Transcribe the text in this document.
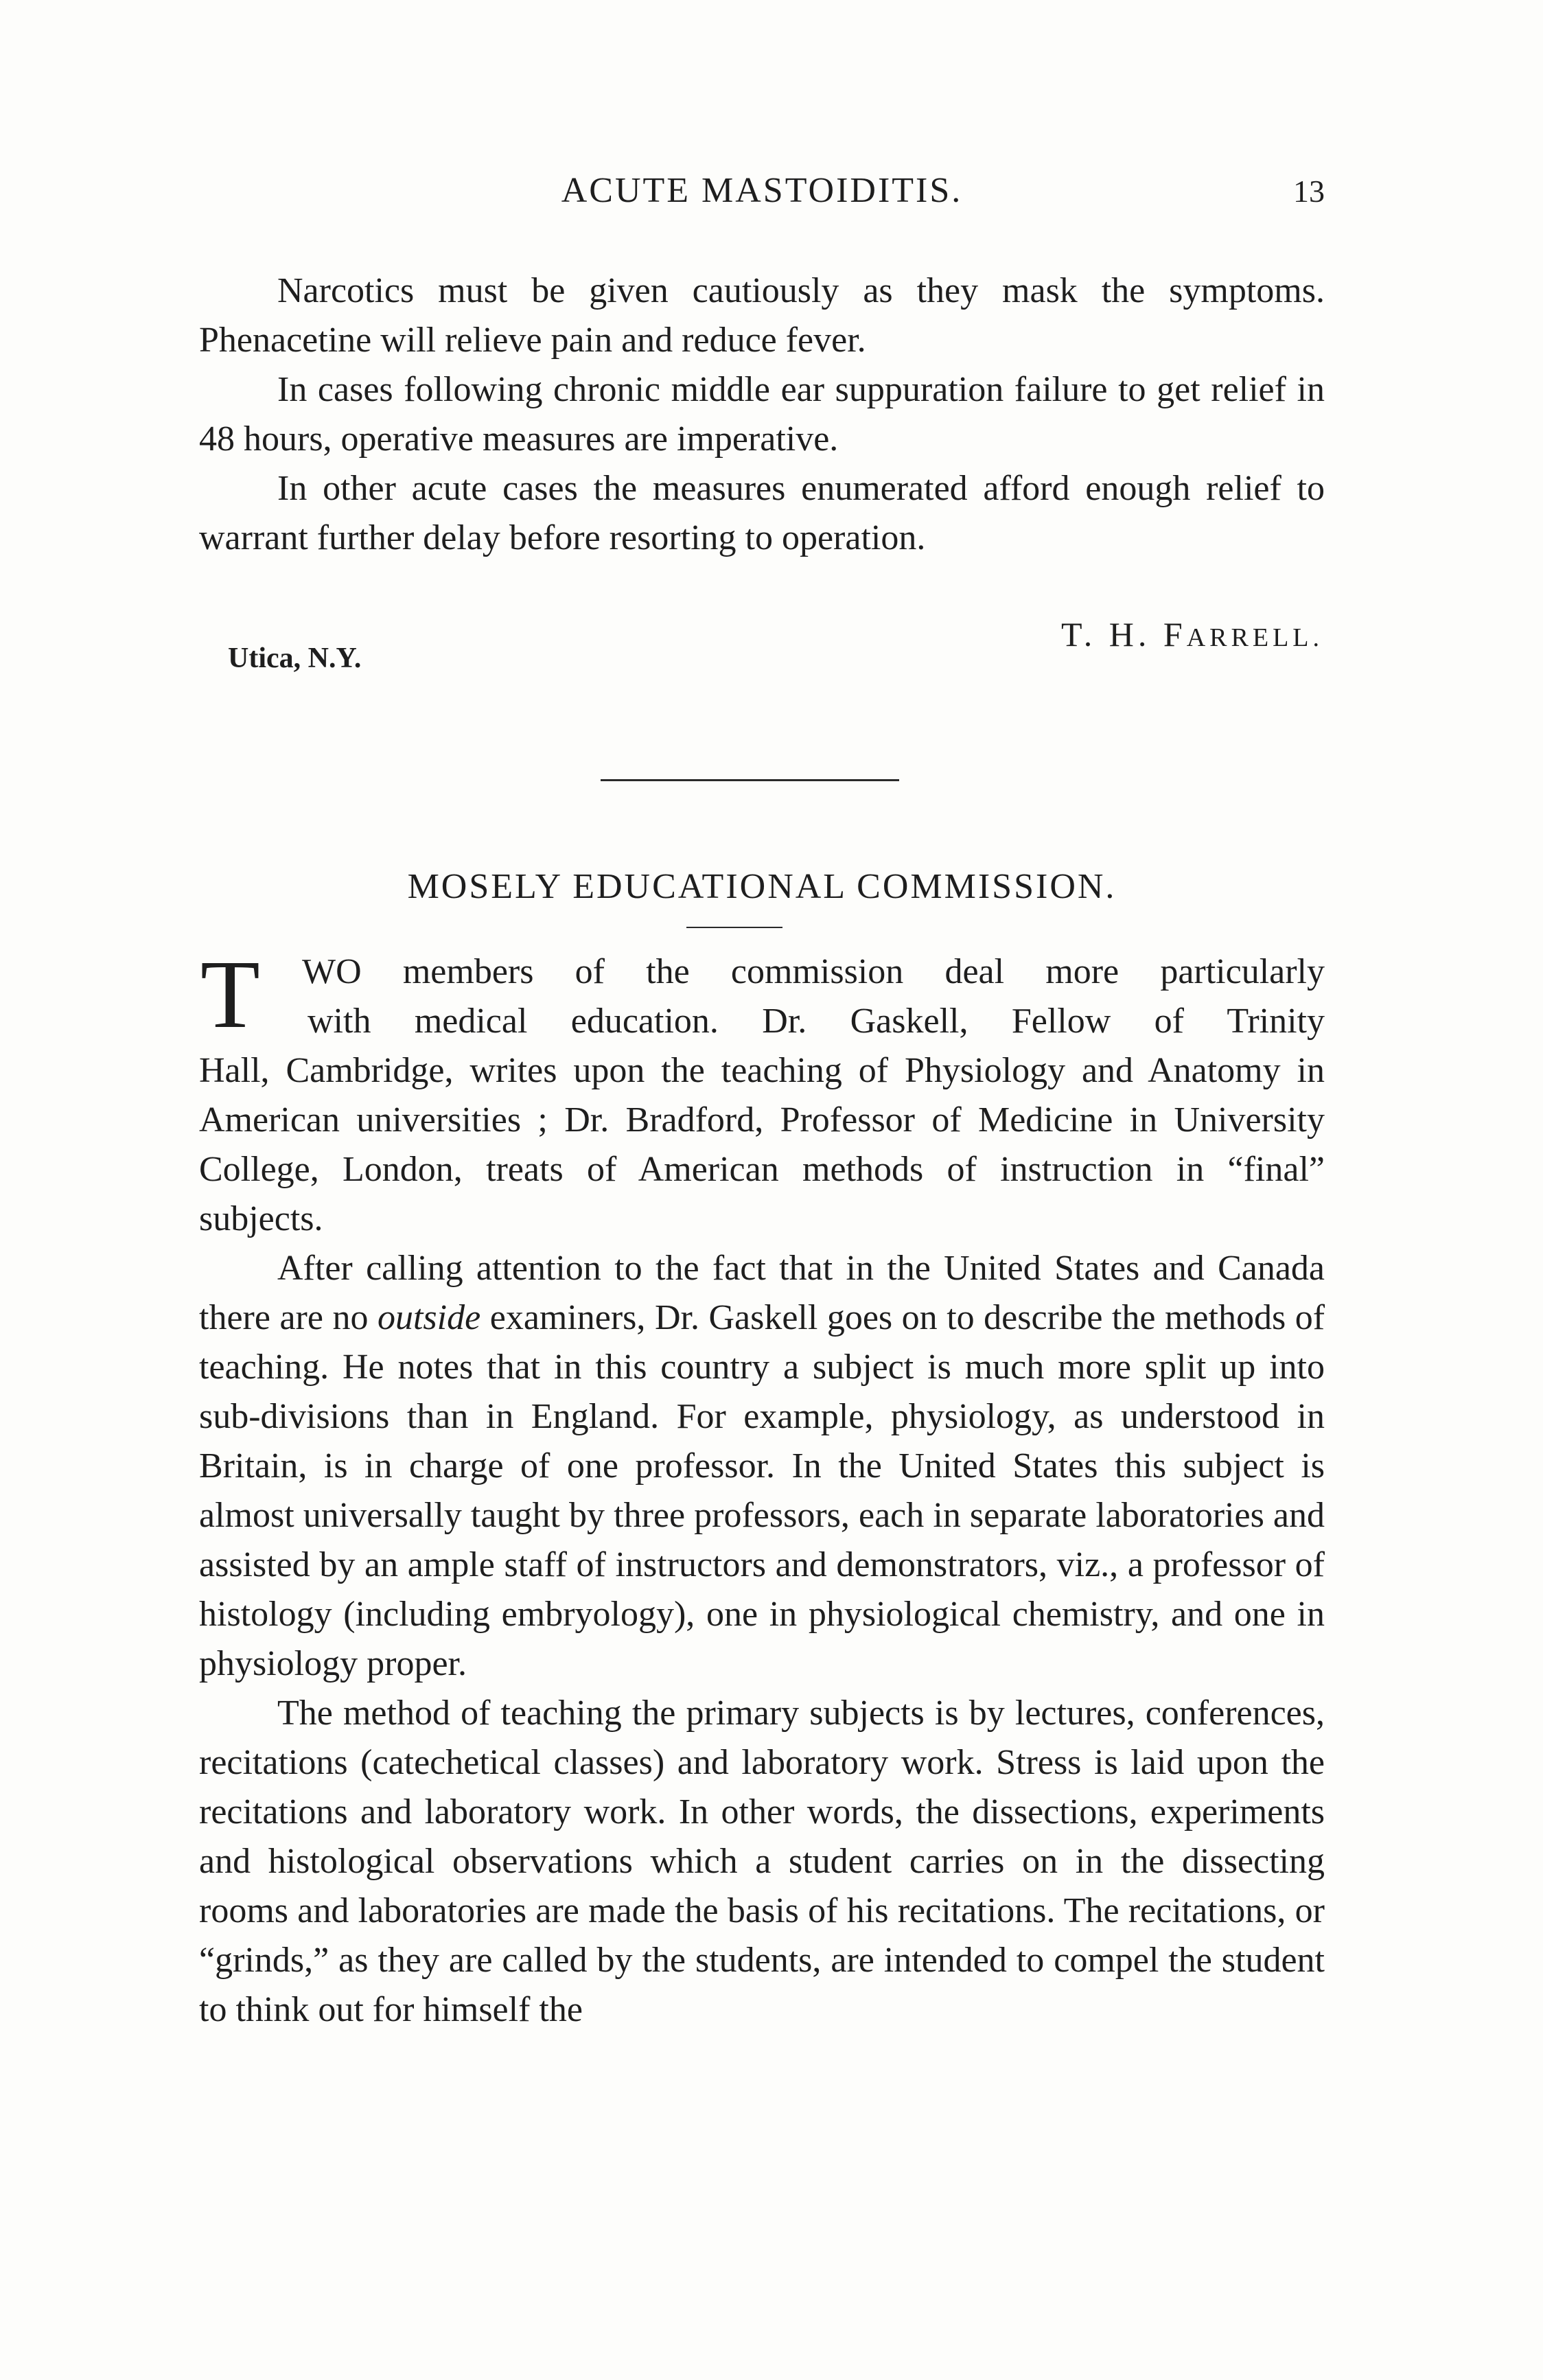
ACUTE MASTOIDITIS.	13

Narcotics must be given cautiously as they mask the symptoms. Phenacetine will relieve pain and reduce fever.

In cases following chronic middle ear suppuration failure to get relief in 48 hours, operative measures are imperative.

In other acute cases the measures enumerated afford enough relief to warrant further delay before resorting to operation.

T. H. FARRELL.
Utica, N.Y.
MOSELY EDUCATIONAL COMMISSION.
T	WO members of the commission deal more particularly

with medical education. Dr. Gaskell, Fellow of Trinity

Hall, Cambridge, writes upon the teaching of Physiology and Anatomy in American universities ; Dr. Bradford, Professor of Medicine in University College, London, treats of American methods of instruction in “final” subjects.

After calling attention to the fact that in the United States and Canada there are no outside examiners, Dr. Gaskell goes on to describe the methods of teaching. He notes that in this country a subject is much more split up into sub-divisions than in England. For example, physiology, as understood in Britain, is in charge of one professor. In the United States this subject is almost universally taught by three professors, each in separate laboratories and assisted by an ample staff of instructors and demonstrators, viz., a professor of histology (including embryology), one in physiological chemistry, and one in physiology proper.

The method of teaching the primary subjects is by lectures, conferences, recitations (catechetical classes) and laboratory work. Stress is laid upon the recitations and laboratory work. In other words, the dissections, experiments and histological observations which a student carries on in the dissecting rooms and laboratories are made the basis of his recitations. The recitations, or “grinds,” as they are called by the students, are intended to compel the student to think out for himself the
